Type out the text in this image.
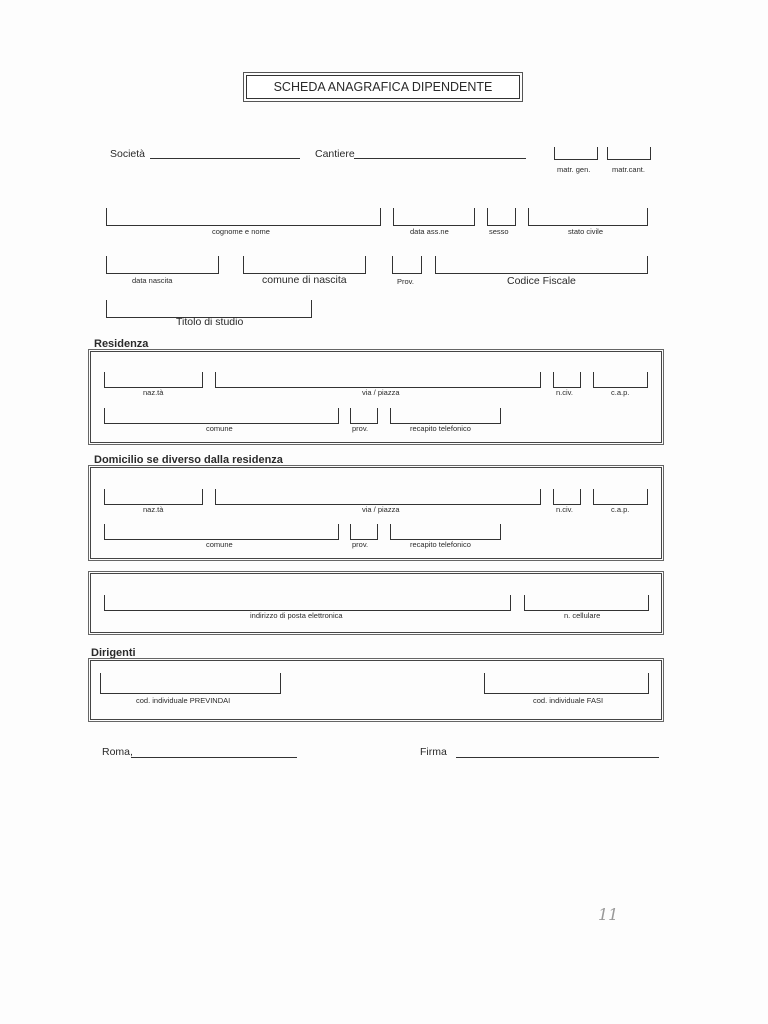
SCHEDA ANAGRAFICA DIPENDENTE
Società	Cantiere
matr. gen.	matr.cant.
cognome e nome	data ass.ne	sesso	stato civile
data nascita	comune di nascita	Prov.	Codice Fiscale
Titolo di studio
Residenza
naz.tà	via / piazza	n.civ.	c.a.p.
comune	prov.	recapito telefonico
Domicilio se diverso dalla residenza
naz.tà	via / piazza	n.civ.	c.a.p.
comune	prov.	recapito telefonico
indirizzo di posta elettronica	n. cellulare
Dirigenti
cod. individuale PREVINDAI	cod. individuale FASI
Roma,	Firma
11
